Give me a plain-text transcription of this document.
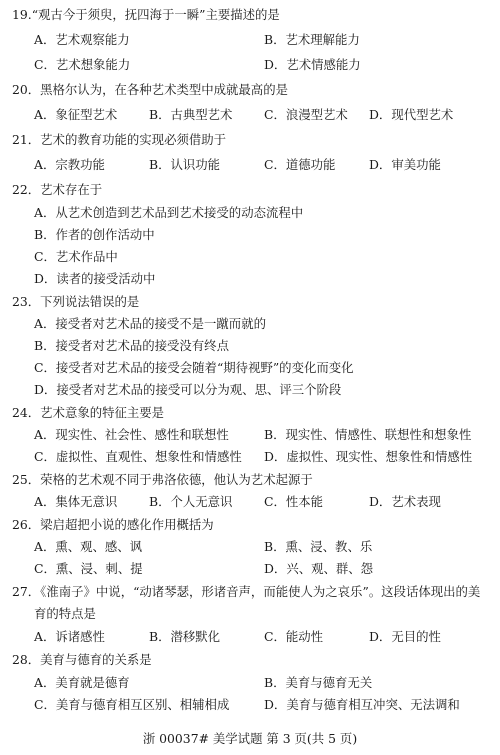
19.“观古今于须臾，抚四海于一瞬”主要描述的是
A．艺术观察能力	B．艺术理解能力
C．艺术想象能力	D．艺术情感能力
20．黑格尔认为，在各种艺术类型中成就最高的是
A．象征型艺术	B．古典型艺术	C．浪漫型艺术 D．现代型艺术
21．艺术的教育功能的实现必须借助于
A．宗教功能	B．认识功能	C．道德功能	D．审美功能
22．艺术存在于
A．从艺术创造到艺术品到艺术接受的动态流程中
B．作者的创作活动中
C．艺术作品中
D．读者的接受活动中
23．下列说法错误的是
A．接受者对艺术品的接受不是一蹴而就的
B．接受者对艺术品的接受没有终点
C．接受者对艺术品的接受会随着“期待视野”的变化而变化
D．接受者对艺术品的接受可以分为观、思、评三个阶段
24．艺术意象的特征主要是
A．现实性、社会性、感性和联想性	B．现实性、情感性、联想性和想象性
C．虚拟性、直观性、想象性和情感性 D．虚拟性、现实性、想象性和情感性
25．荣格的艺术观不同于弗洛依德，他认为艺术起源于
A．集体无意识	B．个人无意识	C．性本能	D．艺术表现
26．梁启超把小说的感化作用概括为
A．熏、观、感、讽	B．熏、浸、教、乐
C．熏、浸、刺、提	D．兴、观、群、怨
27．《淮南子》中说，“动诸琴瑟，形诸音声，而能使人为之哀乐”。这段话体现出的美
育的特点是
A．诉诸感性	B．潜移默化	C．能动性	D．无目的性
28．美育与德育的关系是
A．美育就是德育	B．美育与德育无关
C．美育与德育相互区别、相辅相成	D．美育与德育相互冲突、无法调和
浙 00037# 美学试题 第 3 页(共 5 页)
